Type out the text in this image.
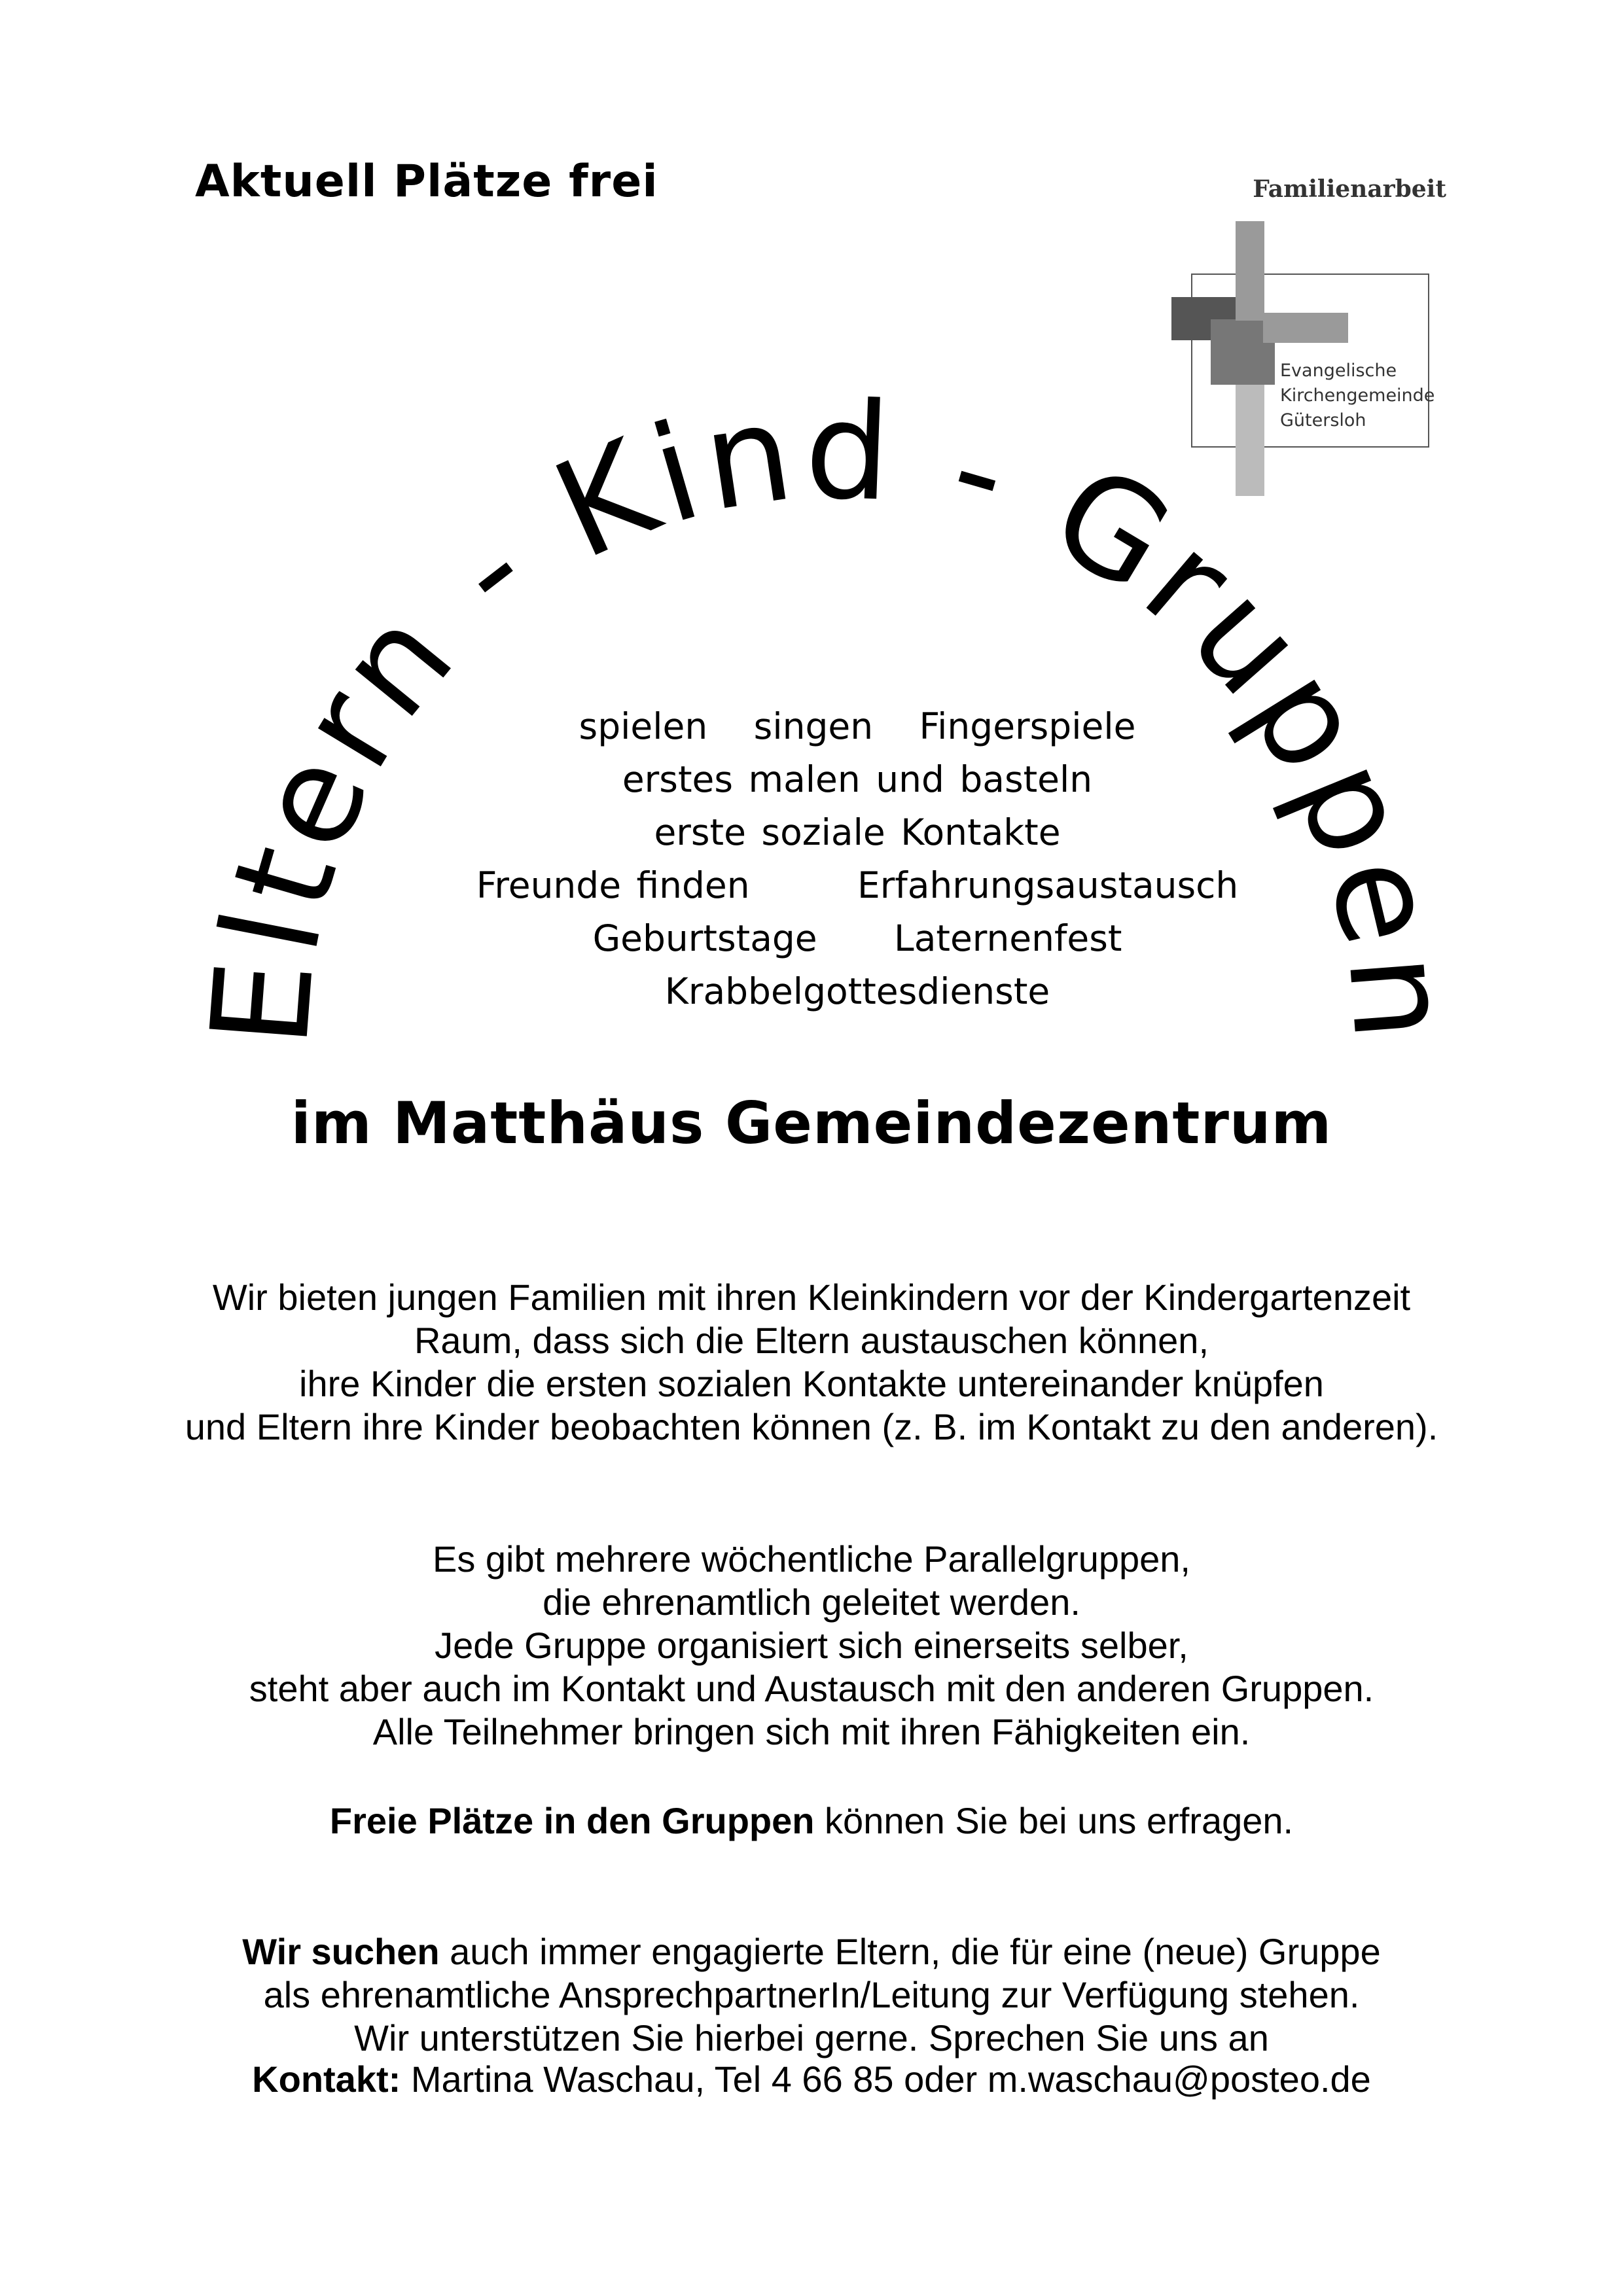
Aktuell Plätze frei	Familienarbeit
Evangelische
Kirchengemeinde
Gütersloh
Eltern - Kind - Gruppen
spielen   singen   Fingerspiele
erstes malen und basteln
erste soziale Kontakte
Freunde finden       Erfahrungsaustausch
Geburtstage     Laternenfest
Krabbelgottesdienste
im Matthäus Gemeindezentrum
Wir bieten jungen Familien mit ihren Kleinkindern vor der Kindergartenzeit
Raum, dass sich die Eltern austauschen können,
ihre Kinder die ersten sozialen Kontakte untereinander knüpfen
und Eltern ihre Kinder beobachten können (z. B. im Kontakt zu den anderen).
Es gibt mehrere wöchentliche Parallelgruppen,
die ehrenamtlich geleitet werden.
Jede Gruppe organisiert sich einerseits selber,
steht aber auch im Kontakt und Austausch mit den anderen Gruppen.
Alle Teilnehmer bringen sich mit ihren Fähigkeiten ein.
Freie Plätze in den Gruppen können Sie bei uns erfragen.
Wir suchen auch immer engagierte Eltern, die für eine (neue) Gruppe
als ehrenamtliche AnsprechpartnerIn/Leitung zur Verfügung stehen.
Wir unterstützen Sie hierbei gerne. Sprechen Sie uns an
Kontakt: Martina Waschau, Tel 4 66 85 oder m.waschau@posteo.de
